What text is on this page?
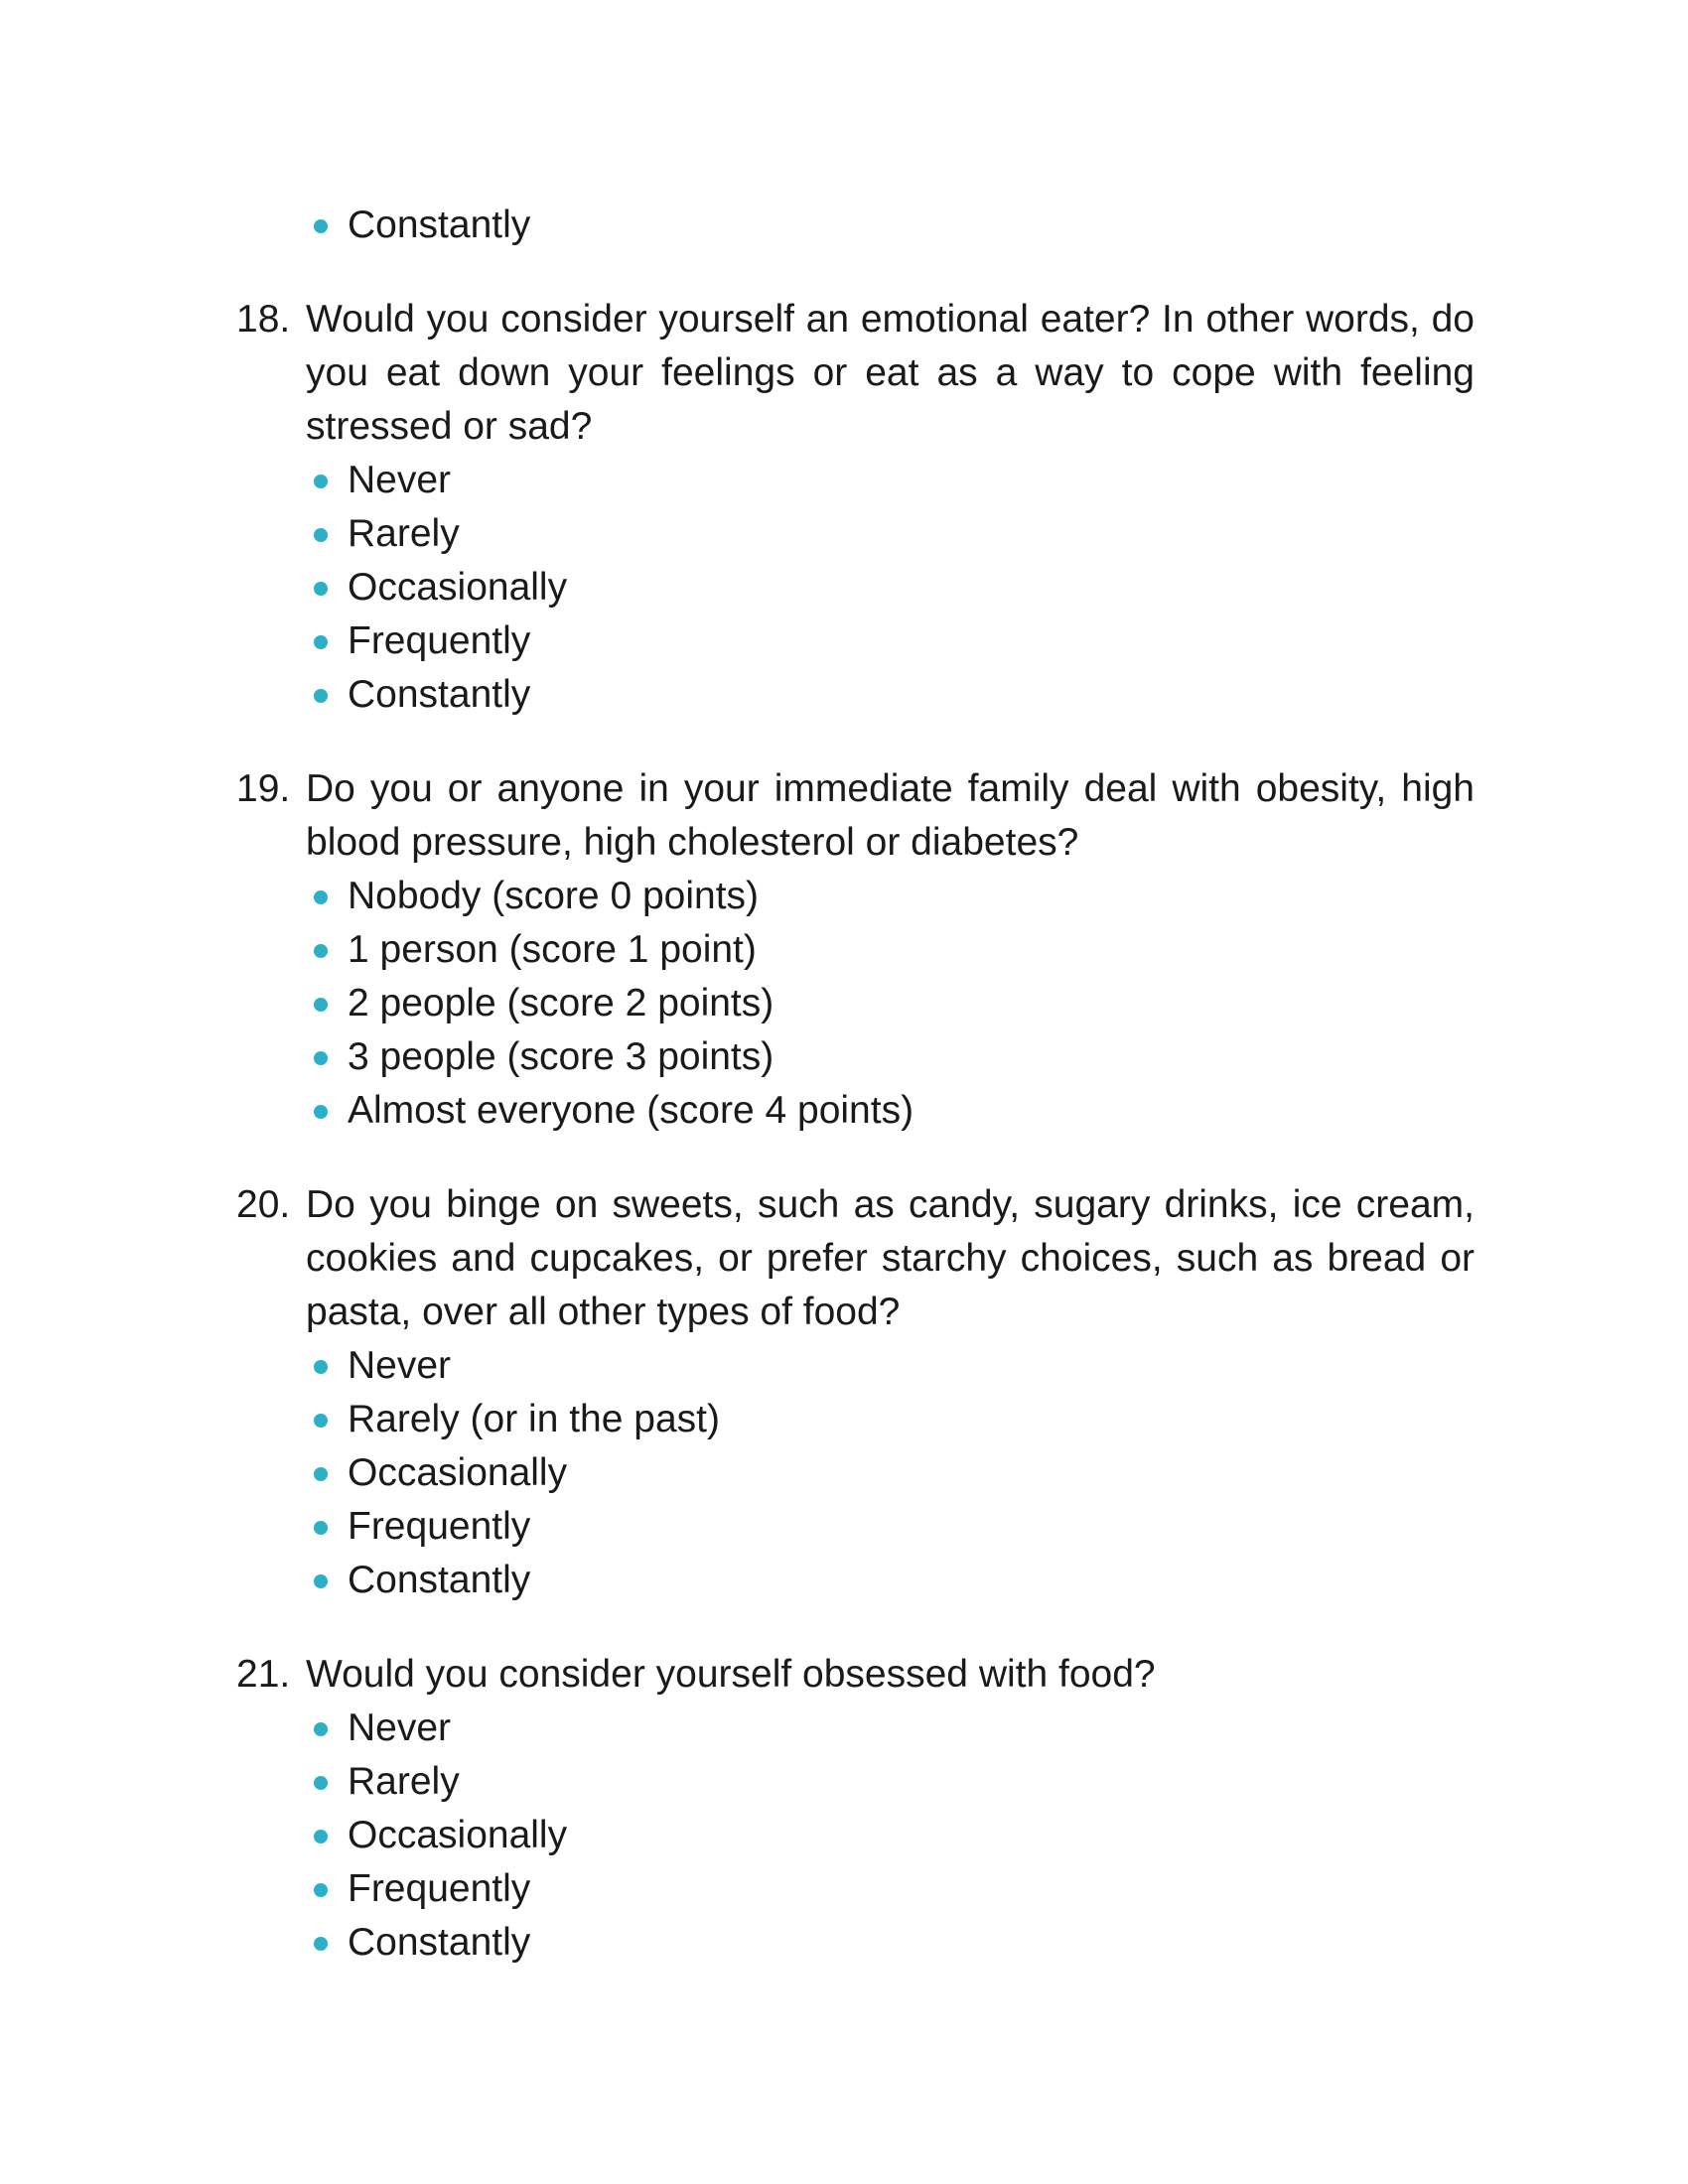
Constantly
18. Would you consider yourself an emotional eater? In other words, do you eat down your feelings or eat as a way to cope with feeling stressed or sad?
Never
Rarely
Occasionally
Frequently
Constantly
19. Do you or anyone in your immediate family deal with obesity, high blood pressure, high cholesterol or diabetes?
Nobody (score 0 points)
1 person (score 1 point)
2 people (score 2 points)
3 people (score 3 points)
Almost everyone (score 4 points)
20. Do you binge on sweets, such as candy, sugary drinks, ice cream, cookies and cupcakes, or prefer starchy choices, such as bread or pasta, over all other types of food?
Never
Rarely (or in the past)
Occasionally
Frequently
Constantly
21. Would you consider yourself obsessed with food?
Never
Rarely
Occasionally
Frequently
Constantly
